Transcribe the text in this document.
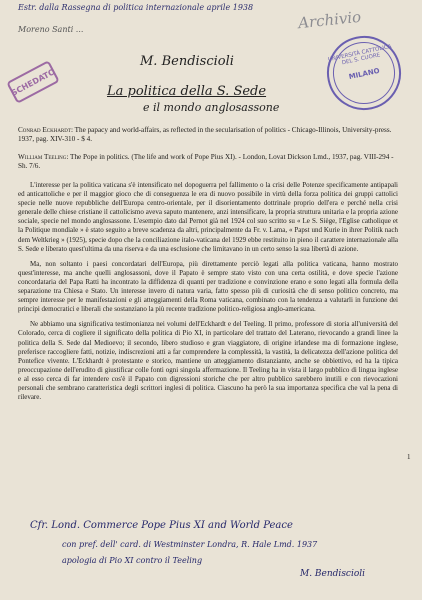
Estr. dalla Rassegna di politica internazionale aprile 1938
Moreno Santi ...	Archivio
SCHEDATO
UNIVERSITÀ CATTOLICA DEL S. CUORE
MILANO
M. Bendiscioli
La politica della S. Sede
e il mondo anglosassone
Conrad Eckhardt: The papacy and world-affairs, as reflected in the secularisation of politics - Chicago-Illinois, University-press. 1937, pag. XIV-310 - $ 4.
William Teeling: The Pope in politics. (The life and work of Pope Pius XI). - London, Lovat Dickson Lmd., 1937, pag. VIII-294 - Sh. 7/6.

L'interesse per la politica vaticana s'è intensificato nel dopoguerra pel fallimento o la crisi delle Potenze specificamente antipapali ed anticattoliche e per il maggior gioco che di conseguenza le era di nuovo possibile in virtù della forza politica dei gruppi cattolici specie nelle nuove repubbliche dell'Europa centro-orientale, per il disorientamento dottrinale proprio dell'era e perché nella crisi generale delle chiese cristiane il cattolicismo aveva saputo mantenere, anzi intensificare, la propria struttura unitaria e la propria azione sociale, specie nel mondo anglosassone. L'esempio dato dal Pernot già nel 1924 col suo scritto su « Le S. Siège, l'Eglise catholique et la Politique mondiale » è stato seguito a breve scadenza da altri, principalmente da Fr. v. Lama, « Papst und Kurie in ihrer Politik nach dem Weltkrieg » (1925), specie dopo che la conciliazione italo-vaticana del 1929 ebbe restituito in pieno il carattere internazionale alla S. Sede e liberato quest'ultima da una riserva e da una esclusione che limitavano in un certo senso la sua libertà di azione.

Ma, non soltanto i paesi concordatari dell'Europa, più direttamente perciò legati alla politica vaticana, hanno mostrato quest'interesse, ma anche quelli anglosassoni, dove il Papato è sempre stato visto con una certa ostilità, e dove specie l'azione concordataria del Papa Ratti ha incontrato la diffidenza di quanti per tradizione e convinzione erano e sono legati alla formula della separazione tra Chiesa e Stato. Un interesse invero di natura varia, fatto spesso più di curiosità che di senso politico concreto, ma sempre interesse per le manifestazioni e gli atteggiamenti della Roma vaticana, combinato con la tendenza a valutarli in funzione dei principi democratici e liberali che sostanziano la più recente tradizione politico-religiosa anglo-americana.

Ne abbiamo una significativa testimonianza nei volumi dell'Eckhardt e del Teeling. Il primo, professore di storia all'università del Colorado, cerca di cogliere il significato della politica di Pio XI, in particolare del trattato del Laterano, rievocando a grandi linee la politica della S. Sede dal Medioevo; il secondo, libero studioso e gran viaggiatore, di origine irlandese ma di formazione inglese, preferisce raccogliere fatti, notizie, indiscrezioni atti a far comprendere la complessità, la vastità, la delicatezza dell'azione politica del Pontefice vivente. L'Eckhardt è protestante e storico, mantiene un atteggiamento distanziante, anche se obbiettivo, ed ha la tipica preoccupazione dell'erudito di giustificar colle fonti ogni singola affermazione. Il Teeling ha in vista il largo pubblico di lingua inglese e al esso cerca di far intendere cos'è il Papato con digressioni storiche che per altro pubblico sarebbero inutili e con rievocazioni personali che sembrano caratteristica degli scrittori inglesi di politica. Ciascuno ha però la sua importanza specifica che val la pena di rilevare.

1
Cfr. Lond. Commerce Pope Pius XI and World Peace
con pref. dell' card. di Westminster Londra, R. Hale Lmd. 1937
apologia di Pio XI contro il Teeling
M. Bendiscioli
